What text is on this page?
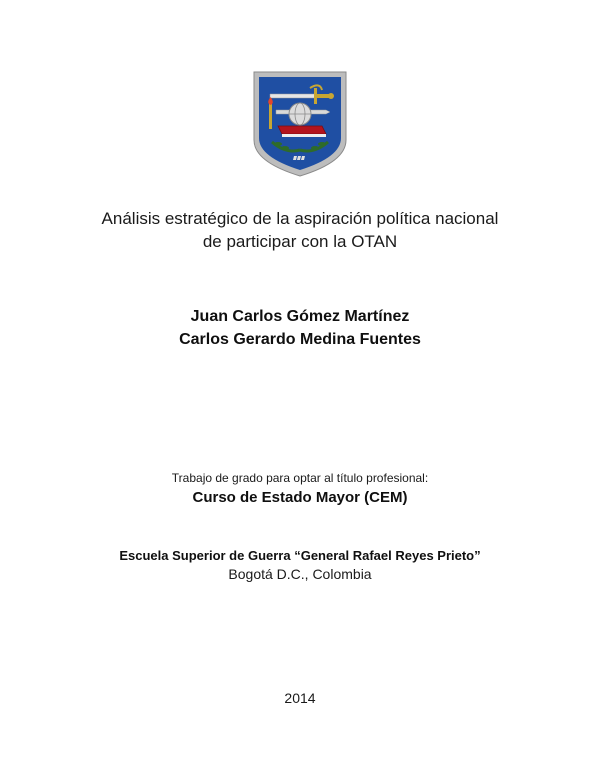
Análisis estratégico de la aspiración política nacional
de participar con la OTAN
Juan Carlos Gómez Martínez
Carlos Gerardo Medina Fuentes
Trabajo de grado para optar al título profesional:
Curso de Estado Mayor (CEM)
Escuela Superior de Guerra “General Rafael Reyes Prieto”
Bogotá D.C., Colombia
2014
